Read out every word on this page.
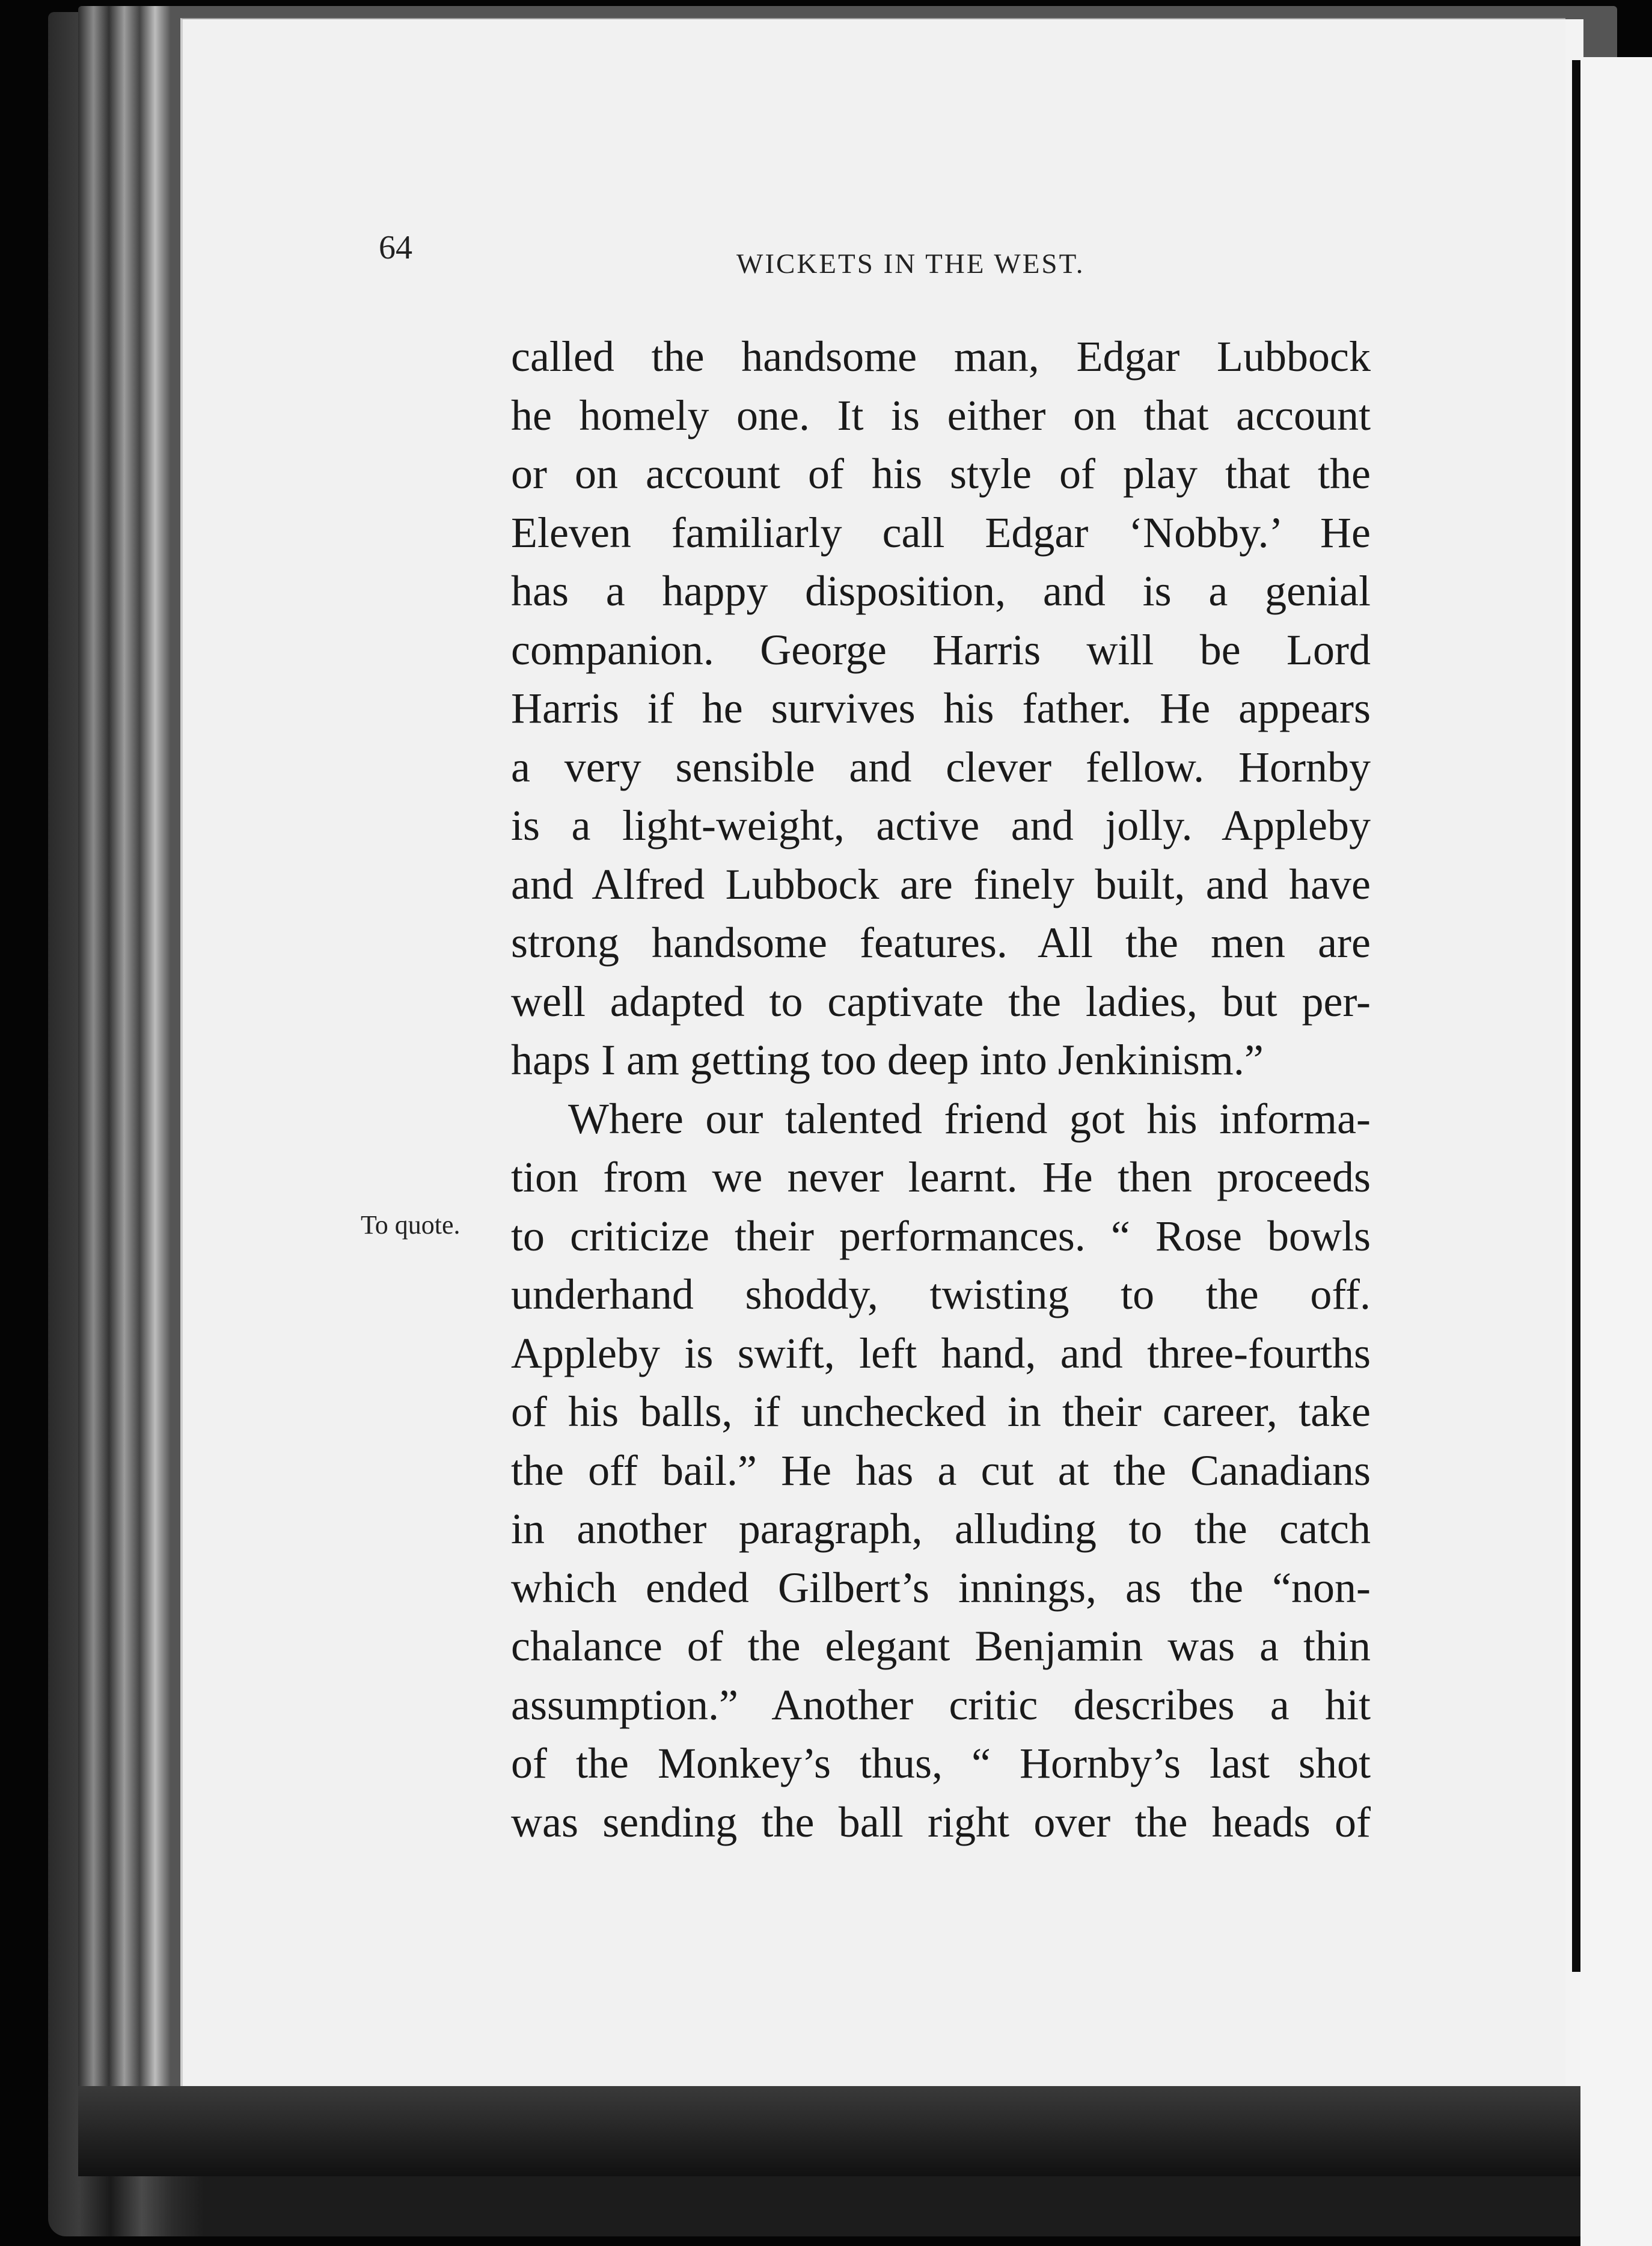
64	WICKETS IN THE WEST.
To quote.
called the handsome man, Edgar Lubbock
he homely one. It is either on that account
or on account of his style of play that the
Eleven familiarly call Edgar ‘Nobby.’ He
has a happy disposition, and is a genial
companion. George Harris will be Lord
Harris if he survives his father. He appears
a very sensible and clever fellow. Hornby
is a light-weight, active and jolly. Appleby
and Alfred Lubbock are finely built, and have
strong handsome features. All the men are
well adapted to captivate the ladies, but per-
haps I am getting too deep into Jenkinism.”
Where our talented friend got his informa-
tion from we never learnt. He then proceeds
to criticize their performances. “ Rose bowls
underhand shoddy, twisting to the off.
Appleby is swift, left hand, and three-fourths
of his balls, if unchecked in their career, take
the off bail.” He has a cut at the Canadians
in another paragraph, alluding to the catch
which ended Gilbert’s innings, as the “non-
chalance of the elegant Benjamin was a thin
assumption.” Another critic describes a hit
of the Monkey’s thus, “ Hornby’s last shot
was sending the ball right over the heads of
